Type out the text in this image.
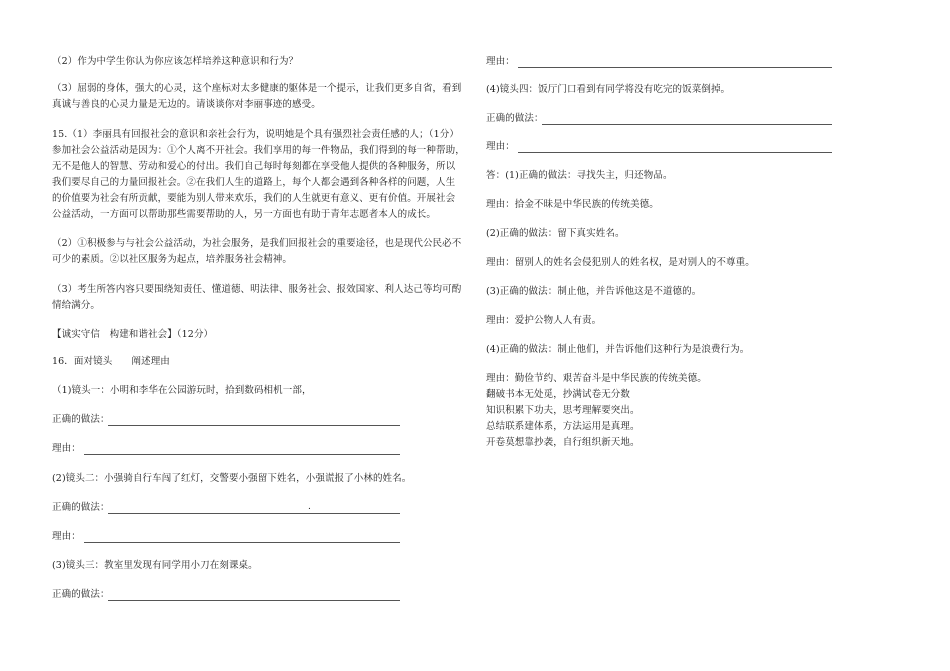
（2）作为中学生你认为你应该怎样培养这种意识和行为？
（3）屈弱的身体，强大的心灵，这个座标对太多健康的躯体是一个提示，让我们更多自省，看到
真诚与善良的心灵力量是无边的。请谈谈你对李丽事迹的感受。
15.（1）李丽具有回报社会的意识和亲社会行为，说明她是个具有强烈社会责任感的人；（1分）
参加社会公益活动是因为：①个人离不开社会。我们享用的每一件物品，我们得到的每一种帮助，
无不是他人的智慧、劳动和爱心的付出。我们自己每时每刻都在享受他人提供的各种服务，所以
我们要尽自己的力量回报社会。②在我们人生的道路上，每个人都会遇到各种各样的问题，人生
的价值要为社会有所贡献，要能为别人带来欢乐，我们的人生就更有意义、更有价值。开展社会
公益活动，一方面可以帮助那些需要帮助的人，另一方面也有助于青年志愿者本人的成长。
（2）①积极参与与社会公益活动，为社会服务，是我们回报社会的重要途径，也是现代公民必不
可少的素质。②以社区服务为起点，培养服务社会精神。
（3）考生所答内容只要围绕知责任、懂道德、明法律、服务社会、报效国家、利人达己等均可酌
情给满分。
【诚实守信　构建和谐社会】（12分）
16．面对镜头　　阐述理由
（1)镜头一：小明和李华在公园游玩时，拾到数码相机一部，
正确的做法：
理由：
(2)镜头二：小强骑自行车闯了红灯，交警要小强留下姓名，小强谎报了小林的姓名。
正确的做法：	.
理由：
(3)镜头三：教室里发现有同学用小刀在刻课桌。
正确的做法：
理由：
(4)镜头四：饭厅门口看到有同学将没有吃完的饭菜倒掉。
正确的做法：
理由：
答：(1)正确的做法：寻找失主，归还物品。
理由：拾金不昧是中华民族的传统美德。
(2)正确的做法：留下真实姓名。
理由：留别人的姓名会侵犯别人的姓名权，是对别人的不尊重。
(3)正确的做法：制止他，并告诉他这是不道德的。
理由：爱护公物人人有责。
(4)正确的做法：制止他们，并告诉他们这种行为是浪费行为。
理由：勤俭节约、艰苦奋斗是中华民族的传统美德。
翻破书本无处觅，抄满试卷无分数
知识积累下功夫，思考理解要突出。
总结联系建体系，方法运用是真理。
开卷莫想靠抄袭，自行组织新天地。
